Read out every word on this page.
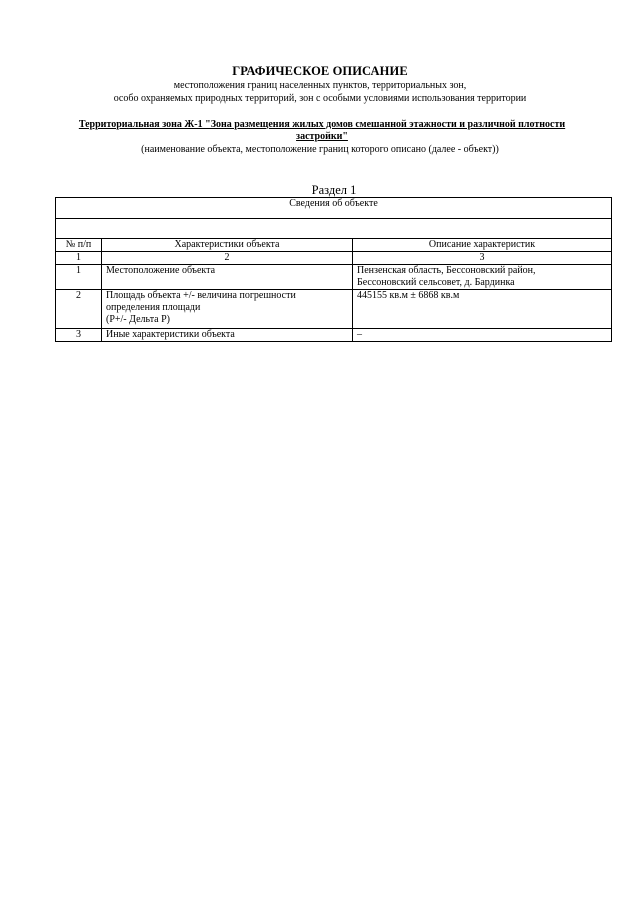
ГРАФИЧЕСКОЕ ОПИСАНИЕ
местоположения границ населенных пунктов, территориальных зон,
особо охраняемых природных территорий, зон с особыми условиями использования территории
Территориальная зона Ж-1 "Зона размещения жилых домов смешанной этажности и различной плотности застройки"
(наименование объекта, местоположение границ которого описано (далее - объект))
Раздел 1
Сведения об объекте		

№ п/п	Характеристики объекта	Описание характеристик
1	2	3
1	Местоположение объекта	Пензенская область, Бессоновский район,
Бессоновский сельсовет, д. Бардинка

2	Площадь объекта +/- величина погрешности
определения площади
(P+/- Дельта P)	445155 кв.м ± 6868 кв.м
3	Иные характеристики объекта	–
